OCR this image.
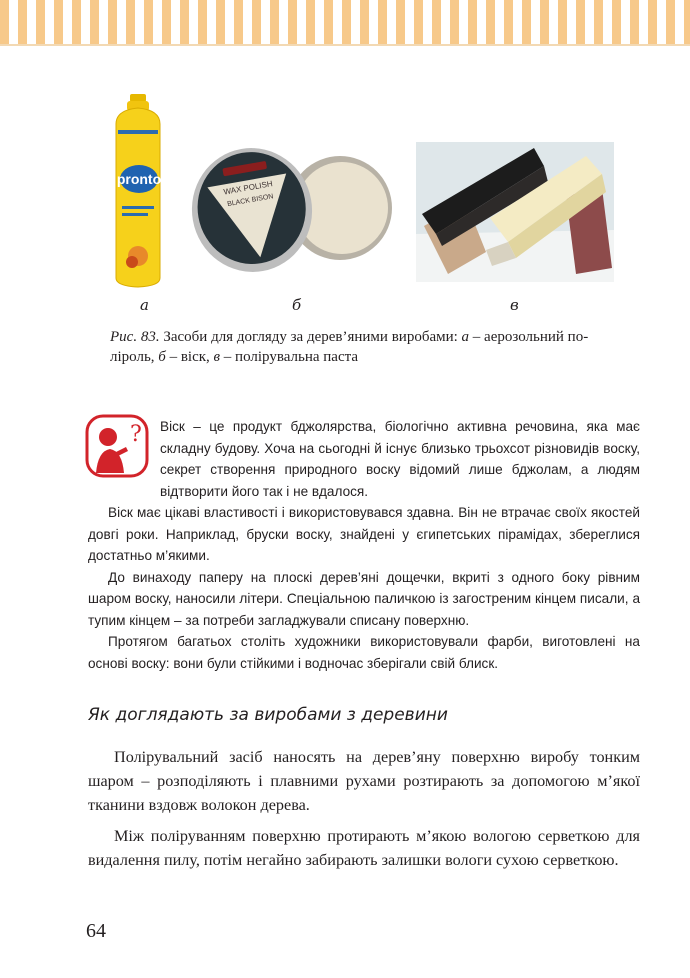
pronto
WAX POLISH
BLACK BISON
а	б	в
Рис. 83. Засоби для догляду за дерев’яними виробами: а – аерозольний по-ліроль, б – віск, в – полірувальна паста
? Віск – це продукт бджолярства, біологічно активна речовина, яка має складну будову. Хоча на сьогодні й існує близько трьохсот різновидів воску, секрет створення природного воску відомий лише бджолам, а людям відтворити його так і не вдалося.

Віск має цікаві властивості і використовувався здавна. Він не втрачає своїх якостей довгі роки. Наприклад, бруски воску, знайдені у єгипетських пірамідах, збереглися достатньо м’якими.

До винаходу паперу на плоскі дерев’яні дощечки, вкриті з одного боку рівним шаром воску, наносили літери. Спеціальною паличкою із загостреним кінцем писали, а тупим кінцем – за потреби загладжували списану поверхню.

Протягом багатьох століть художники використовували фарби, виготовлені на основі воску: вони були стійкими і водночас зберігали свій блиск.

Як доглядають за виробами з деревини

Полірувальний засіб наносять на дерев’яну поверхню виробу тонким шаром – розподіляють і плавними рухами розтирають за допомогою м’якої тканини вздовж волокон дерева.

Між поліруванням поверхню протирають м’якою вологою серветкою для видалення пилу, потім негайно забирають залишки вологи сухою серветкою.

64
